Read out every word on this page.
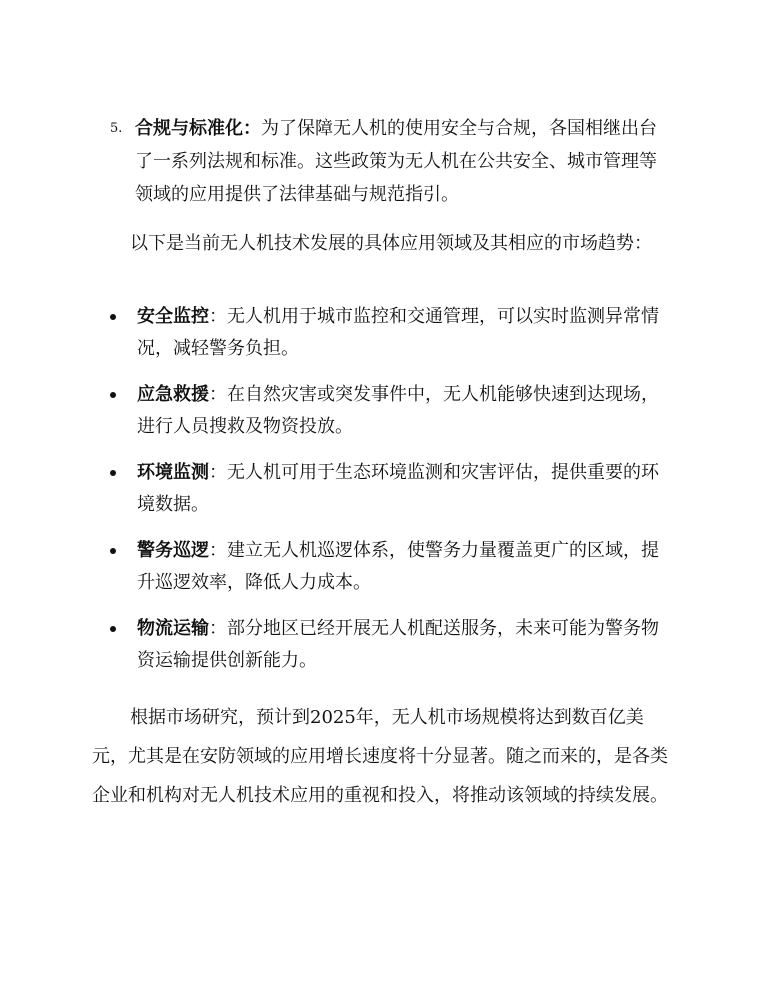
5. 合规与标准化：为了保障无人机的使用安全与合规，各国相继出台了一系列法规和标准。这些政策为无人机在公共安全、城市管理等领域的应用提供了法律基础与规范指引。

以下是当前无人机技术发展的具体应用领域及其相应的市场趋势：

安全监控：无人机用于城市监控和交通管理，可以实时监测异常情况，减轻警务负担。
应急救援：在自然灾害或突发事件中，无人机能够快速到达现场，进行人员搜救及物资投放。
环境监测：无人机可用于生态环境监测和灾害评估，提供重要的环境数据。
警务巡逻：建立无人机巡逻体系，使警务力量覆盖更广的区域，提升巡逻效率，降低人力成本。
物流运输：部分地区已经开展无人机配送服务，未来可能为警务物资运输提供创新能力。

根据市场研究，预计到2025年，无人机市场规模将达到数百亿美元，尤其是在安防领域的应用增长速度将十分显著。随之而来的，是各类企业和机构对无人机技术应用的重视和投入，将推动该领域的持续发展。
